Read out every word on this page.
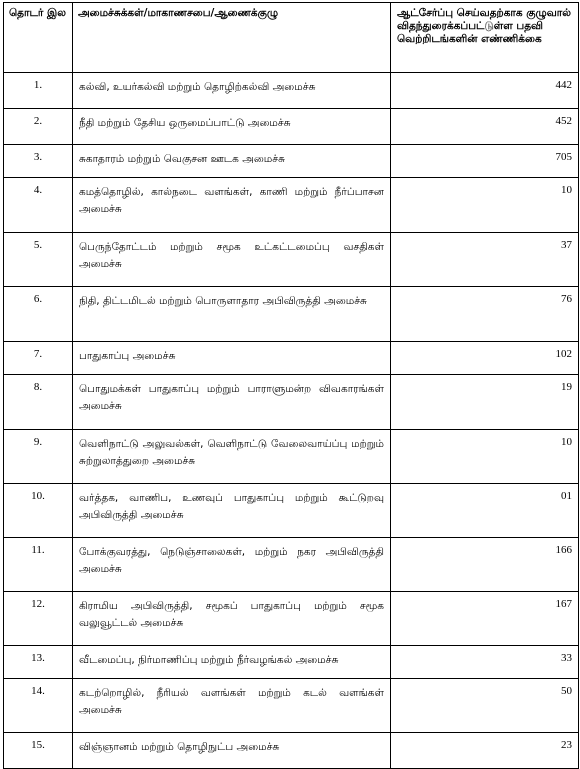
தொடர் இல	அமைச்சுக்கள்/மாகாணசபை/ஆணைக்குழு	ஆட்சேர்ப்பு செய்வதற்காக குழுவால் விதந்துரைக்கப்பட்டுள்ள பதவி வெற்றிடங்களின் எண்ணிக்கை
1.	கல்வி, உயர்கல்வி மற்றும் தொழிற்கல்வி அமைச்சு	442
2.	நீதி மற்றும் தேசிய ஒருமைப்பாட்டு அமைச்சு	452
3.	சுகாதாரம் மற்றும் வெகுசன ஊடக அமைச்சு	705
4.	கமத்தொழில், கால்நடை வளங்கள், காணி மற்றும் நீர்ப்பாசன அமைச்சு	10
5.	பெருந்தோட்டம் மற்றும் சமூக உட்கட்டமைப்பு வசதிகள் அமைச்சு	37
6.	நிதி, திட்டமிடல் மற்றும் பொருளாதார அபிவிருத்தி அமைச்சு	76
7.	பாதுகாப்பு அமைச்சு	102
8.	பொதுமக்கள் பாதுகாப்பு மற்றும் பாராளுமன்ற விவகாரங்கள் அமைச்சு	19
9.	வெளிநாட்டு அலுவல்கள், வெளிநாட்டு வேலைவாய்ப்பு மற்றும் சுற்றுலாத்துறை அமைச்சு	10
10.	வர்த்தக, வாணிப, உணவுப் பாதுகாப்பு மற்றும் கூட்டுறவு அபிவிருத்தி அமைச்சு	01
11.	போக்குவரத்து, நெடுஞ்சாலைகள், மற்றும் நகர அபிவிருத்தி அமைச்சு	166
12.	கிராமிய அபிவிருத்தி, சமூகப் பாதுகாப்பு மற்றும் சமூக வலுவூட்டல் அமைச்சு	167
13.	வீடமைப்பு, நிர்மாணிப்பு மற்றும் நீர்வழங்கல் அமைச்சு	33
14.	கடற்றொழில், நீரியல் வளங்கள் மற்றும் கடல் வளங்கள் அமைச்சு	50
15.	விஞ்ஞானம் மற்றும் தொழிநுட்ப அமைச்சு	23
